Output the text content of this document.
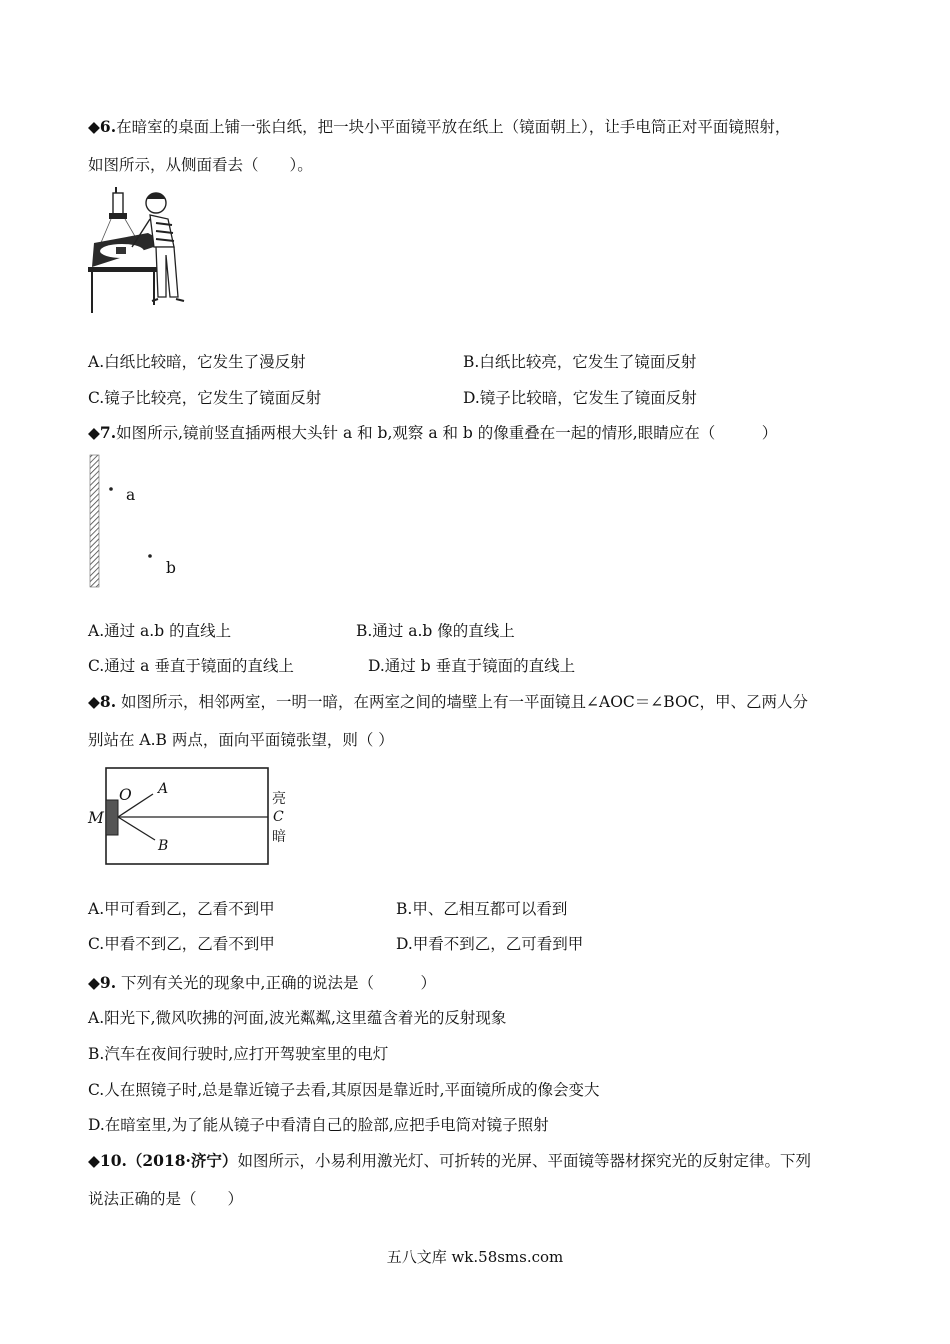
◆6.在暗室的桌面上铺一张白纸，把一块小平面镜平放在纸上（镜面朝上），让手电筒正对平面镜照射，
如图所示，从侧面看去（　　）。
A.白纸比较暗，它发生了漫反射	B.白纸比较亮，它发生了镜面反射
C.镜子比较亮，它发生了镜面反射	D.镜子比较暗，它发生了镜面反射
◆7.如图所示,镜前竖直插两根大头针 a 和 b,观察 a 和 b 的像重叠在一起的情形,眼睛应在（　　　）
a
b
A.通过 a.b 的直线上	B.通过 a.b 像的直线上
C.通过 a 垂直于镜面的直线上	D.通过 b 垂直于镜面的直线上
◆8. 如图所示，相邻两室，一明一暗，在两室之间的墙壁上有一平面镜且∠AOC＝∠BOC，甲、乙两人分
别站在 A.B 两点，面向平面镜张望，则（ ）
M
O A
B
亮
C
暗
A.甲可看到乙，乙看不到甲	B.甲、乙相互都可以看到
C.甲看不到乙，乙看不到甲	D.甲看不到乙，乙可看到甲
◆9. 下列有关光的现象中,正确的说法是（　　　）
A.阳光下,微风吹拂的河面,波光粼粼,这里蕴含着光的反射现象
B.汽车在夜间行驶时,应打开驾驶室里的电灯
C.人在照镜子时,总是靠近镜子去看,其原因是靠近时,平面镜所成的像会变大
D.在暗室里,为了能从镜子中看清自己的脸部,应把手电筒对镜子照射
◆10.（2018·济宁）如图所示，小易利用激光灯、可折转的光屏、平面镜等器材探究光的反射定律。下列
说法正确的是（　　）
五八文库 wk.58sms.com
